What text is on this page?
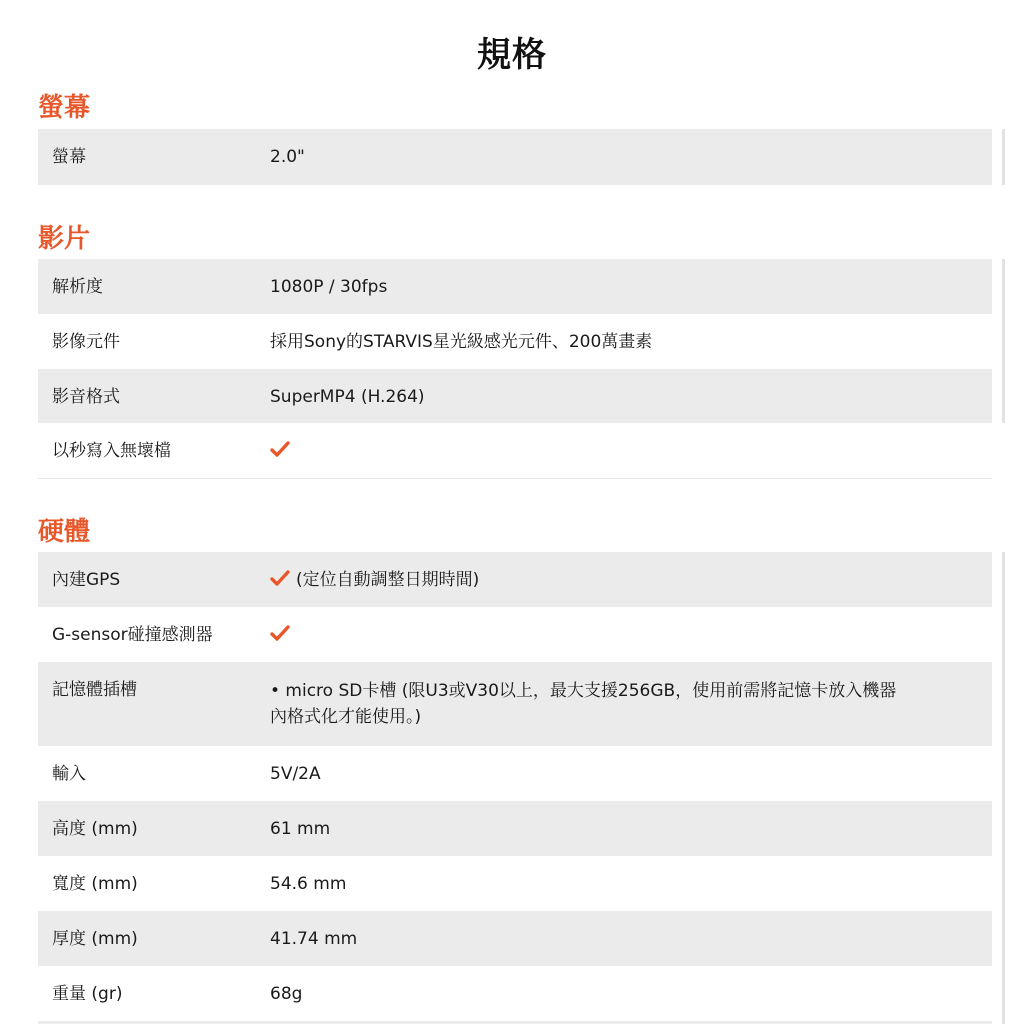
規格
螢幕
螢幕	2.0"
影片
解析度	1080P / 30fps
影像元件	採用Sony的STARVIS星光級感光元件、200萬畫素
影音格式	SuperMP4 (H.264)
以秒寫入無壞檔
硬體
內建GPS	(定位自動調整日期時間)
G-sensor碰撞感測器
記憶體插槽	• micro SD卡槽 (限U3或V30以上，最大支援256GB，使用前需將記憶卡放入機器內格式化才能使用。)
輸入	5V/2A
高度 (mm)	61 mm
寬度 (mm)	54.6 mm
厚度 (mm)	41.74 mm
重量 (gr)	68g
